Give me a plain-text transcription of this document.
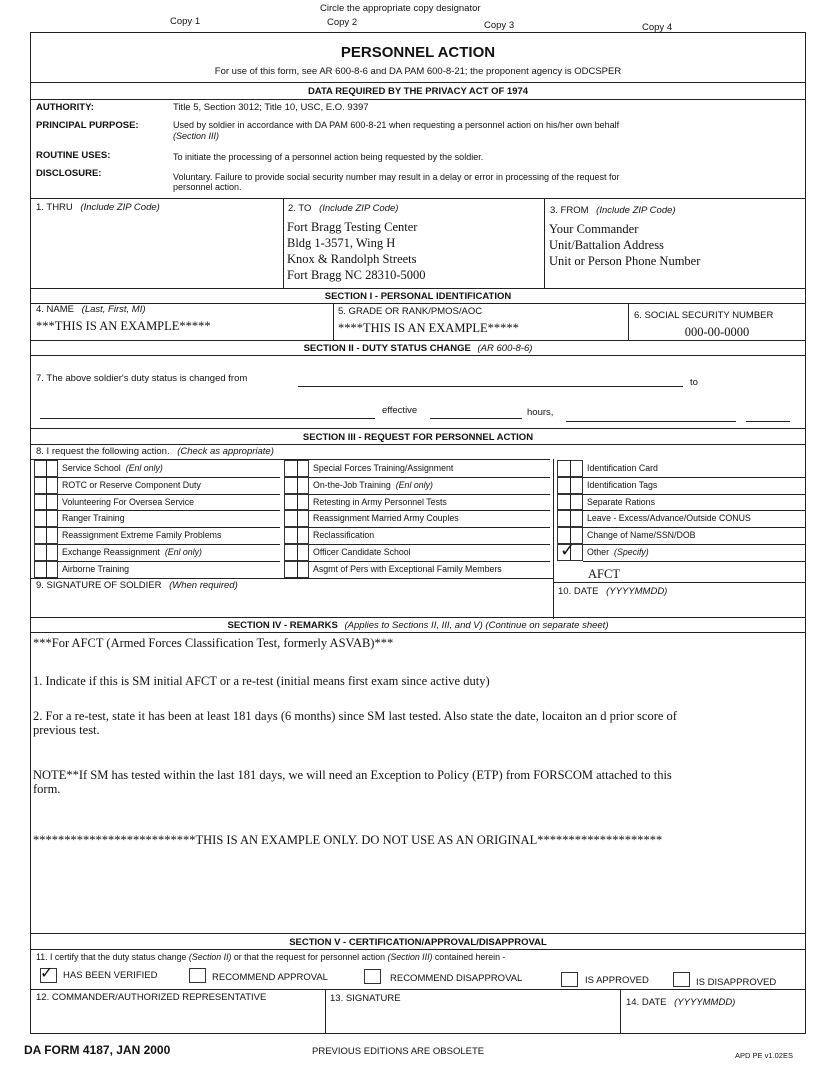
Circle the appropriate copy designator
Copy 1	Copy 2	Copy 3	Copy 4
PERSONNEL ACTION
For use of this form, see AR 600-8-6 and DA PAM 600-8-21; the proponent agency is ODCSPER
DATA REQUIRED BY THE PRIVACY ACT OF 1974
AUTHORITY:	Title 5, Section 3012; Title 10, USC, E.O. 9397
PRINCIPAL PURPOSE:	Used by soldier in accordance with DA PAM 600-8-21 when requesting a personnel action on his/her own behalf
(Section III)
ROUTINE USES:	To initiate the processing of a personnel action being requested by the soldier.
DISCLOSURE:	Voluntary. Failure to provide social security number may result in a delay or error in processing of the request for
personnel action.
1. THRU (Include ZIP Code)	2. TO (Include ZIP Code)
Fort Bragg Testing Center
Bldg 1-3571, Wing H
Knox & Randolph Streets
Fort Bragg NC 28310-5000
3. FROM (Include ZIP Code)
Your Commander
Unit/Battalion Address
Unit or Person Phone Number
SECTION I - PERSONAL IDENTIFICATION
4. NAME (Last, First, MI)
***THIS IS AN EXAMPLE*****
5. GRADE OR RANK/PMOS/AOC
****THIS IS AN EXAMPLE*****
6. SOCIAL SECURITY NUMBER
000-00-0000
SECTION II - DUTY STATUS CHANGE (AR 600-8-6)
7. The above soldier's duty status is changed from	to
effective	hours,
SECTION III - REQUEST FOR PERSONNEL ACTION
8. I request the following action. (Check as appropriate)
Service School (Enl only)
ROTC or Reserve Component Duty
Volunteering For Oversea Service
Ranger Training
Reassignment Extreme Family Problems
Exchange Reassignment (Enl only)
Airborne Training
Special Forces Training/Assignment
On-the-Job Training (Enl only)
Retesting in Army Personnel Tests
Reassignment Married Army Couples
Reclassification
Officer Candidate School
Asgmt of Pers with Exceptional Family Members
Identification Card
Identification Tags
Separate Rations
Leave - Excess/Advance/Outside CONUS
Change of Name/SSN/DOB
Other (Specify)
✓
AFCT
9. SIGNATURE OF SOLDIER (When required)
10. DATE (YYYYMMDD)
SECTION IV - REMARKS (Applies to Sections II, III, and V) (Continue on separate sheet)
***For AFCT (Armed Forces Classification Test, formerly ASVAB)***
1. Indicate if this is SM initial AFCT or a re-test (initial means first exam since active duty)
2. For a re-test, state it has been at least 181 days (6 months) since SM last tested. Also state the date, locaiton an d prior score of
previous test.
NOTE**If SM has tested within the last 181 days, we will need an Exception to Policy (ETP) from FORSCOM attached to this
form.
**************************THIS IS AN EXAMPLE ONLY. DO NOT USE AS AN ORIGINAL********************
SECTION V - CERTIFICATION/APPROVAL/DISAPPROVAL
11. I certify that the duty status change (Section II) or that the request for personnel action (Section III) contained herein -
✓ HAS BEEN VERIFIED	RECOMMEND APPROVAL	RECOMMEND DISAPPROVAL	IS APPROVED	IS DISAPPROVED
12. COMMANDER/AUTHORIZED REPRESENTATIVE	13. SIGNATURE	14. DATE (YYYYMMDD)
DA FORM 4187, JAN 2000	PREVIOUS EDITIONS ARE OBSOLETE	APD PE v1.02ES
